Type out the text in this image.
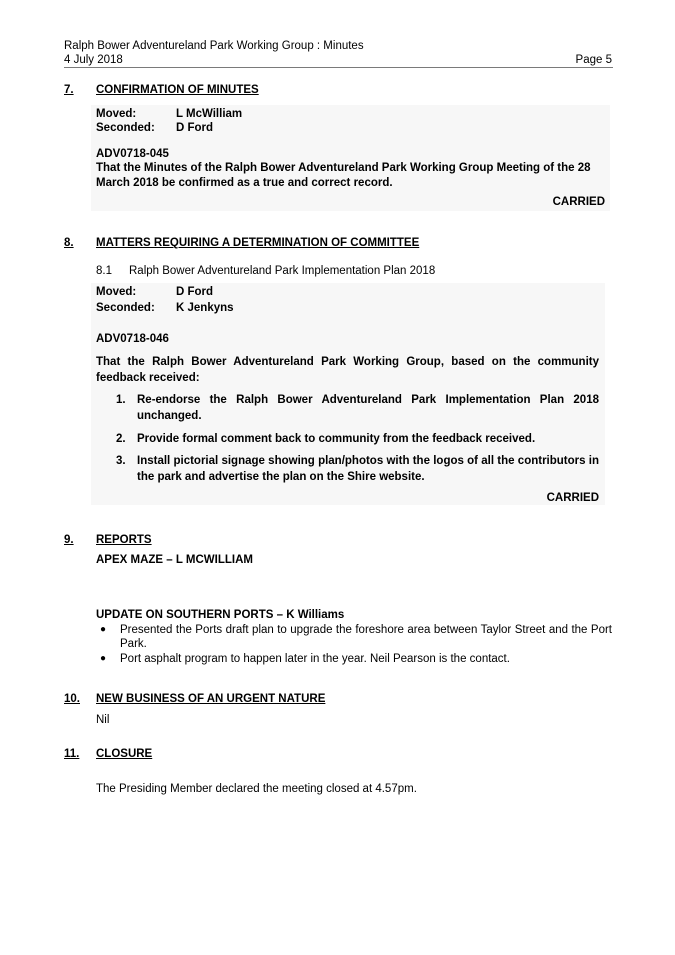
Ralph Bower Adventureland Park Working Group : Minutes
4 July 2018	Page 5
7. CONFIRMATION OF MINUTES
Moved:	L McWilliam
Seconded:	D Ford
ADV0718-045
That the Minutes of the Ralph Bower Adventureland Park Working Group Meeting of the 28 March 2018 be confirmed as a true and correct record.
CARRIED
8. MATTERS REQUIRING A DETERMINATION OF COMMITTEE
8.1 Ralph Bower Adventureland Park Implementation Plan 2018
Moved:	D Ford
Seconded:	K Jenkyns
ADV0718-046
That the Ralph Bower Adventureland Park Working Group, based on the community feedback received:
1. Re-endorse the Ralph Bower Adventureland Park Implementation Plan 2018 unchanged.
2. Provide formal comment back to community from the feedback received.
3. Install pictorial signage showing plan/photos with the logos of all the contributors in the park and advertise the plan on the Shire website.
CARRIED
9. REPORTS
APEX MAZE – L MCWILLIAM
UPDATE ON SOUTHERN PORTS – K Williams
●	Presented the Ports draft plan to upgrade the foreshore area between Taylor Street and the Port Park.
●	Port asphalt program to happen later in the year. Neil Pearson is the contact.
10. NEW BUSINESS OF AN URGENT NATURE
Nil
11. CLOSURE
The Presiding Member declared the meeting closed at 4.57pm.
